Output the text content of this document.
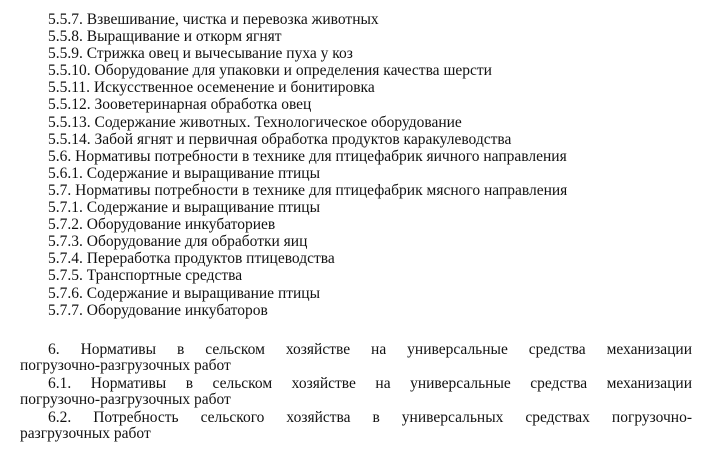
5.5.7. Взвешивание, чистка и перевозка животных
5.5.8. Выращивание и откорм ягнят
5.5.9. Стрижка овец и вычесывание пуха у коз
5.5.10. Оборудование для упаковки и определения качества шерсти
5.5.11. Искусственное осеменение и бонитировка
5.5.12. Зооветеринарная обработка овец
5.5.13. Содержание животных. Технологическое оборудование
5.5.14. Забой ягнят и первичная обработка продуктов каракулеводства
5.6. Нормативы потребности в технике для птицефабрик яичного направления
5.6.1. Содержание и выращивание птицы
5.7. Нормативы потребности в технике для птицефабрик мясного направления
5.7.1. Содержание и выращивание птицы
5.7.2. Оборудование инкубаториев
5.7.3. Оборудование для обработки яиц
5.7.4. Переработка продуктов птицеводства
5.7.5. Транспортные средства
5.7.6. Содержание и выращивание птицы
5.7.7. Оборудование инкубаторов
6. Нормативы в сельском хозяйстве на универсальные средства механизации
погрузочно-разгрузочных работ
6.1. Нормативы в сельском хозяйстве на универсальные средства механизации
погрузочно-разгрузочных работ
6.2. Потребность сельского хозяйства в универсальных средствах погрузочно-
разгрузочных работ
